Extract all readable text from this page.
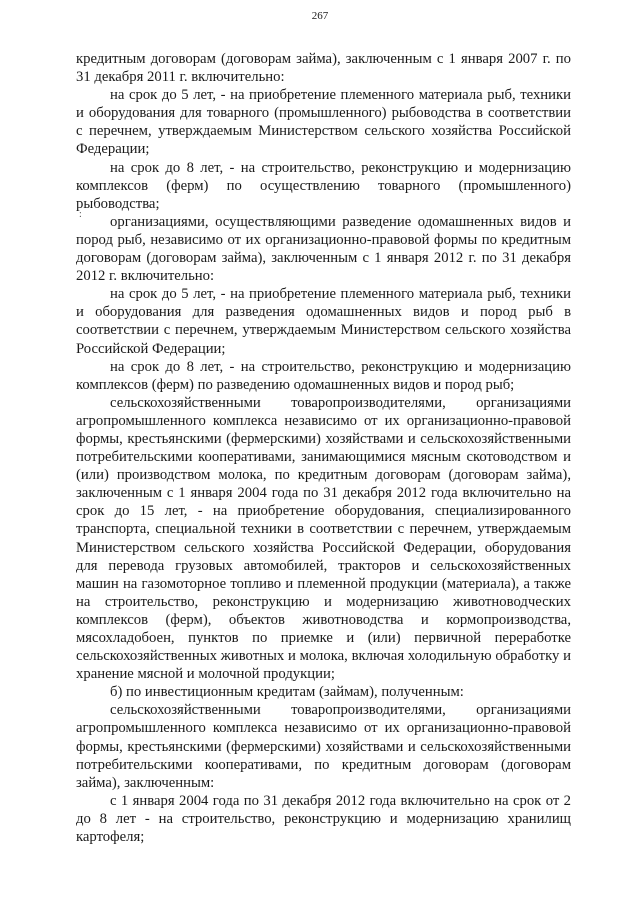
267
:

кредитным договорам (договорам займа), заключенным с 1 января 2007 г. по 31 декабря 2011 г. включительно:

на срок до 5 лет, - на приобретение племенного материала рыб, техники и оборудования для товарного (промышленного) рыбоводства в соответствии с перечнем, утверждаемым Министерством сельского хозяйства Российской Федерации;

на срок до 8 лет, - на строительство, реконструкцию и модернизацию комплексов (ферм) по осуществлению товарного (промышленного) рыбоводства;

организациями, осуществляющими разведение одомашненных видов и пород рыб, независимо от их организационно-правовой формы по кредитным договорам (договорам займа), заключенным с 1 января 2012 г. по 31 декабря 2012 г. включительно:

на срок до 5 лет, - на приобретение племенного материала рыб, техники и оборудования для разведения одомашненных видов и пород рыб в соответствии с перечнем, утверждаемым Министерством сельского хозяйства Российской Федерации;

на срок до 8 лет, - на строительство, реконструкцию и модернизацию комплексов (ферм) по разведению одомашненных видов и пород рыб;

сельскохозяйственными товаропроизводителями, организациями агропромышленного комплекса независимо от их организационно-правовой формы, крестьянскими (фермерскими) хозяйствами и сельскохозяйственными потребительскими кооперативами, занимающимися мясным скотоводством и (или) производством молока, по кредитным договорам (договорам займа), заключенным с 1 января 2004 года по 31 декабря 2012 года включительно на срок до 15 лет, - на приобретение оборудования, специализированного транспорта, специальной техники в соответствии с перечнем, утверждаемым Министерством сельского хозяйства Российской Федерации, оборудования для перевода грузовых автомобилей, тракторов и сельскохозяйственных машин на газомоторное топливо и племенной продукции (материала), а также на строительство, реконструкцию и модернизацию животноводческих комплексов (ферм), объектов животноводства и кормопроизводства, мясохладобоен, пунктов по приемке и (или) первичной переработке сельскохозяйственных животных и молока, включая холодильную обработку и хранение мясной и молочной продукции;

б) по инвестиционным кредитам (займам), полученным:

сельскохозяйственными товаропроизводителями, организациями агропромышленного комплекса независимо от их организационно-правовой формы, крестьянскими (фермерскими) хозяйствами и сельскохозяйственными потребительскими кооперативами, по кредитным договорам (договорам займа), заключенным:

с 1 января 2004 года по 31 декабря 2012 года включительно на срок от 2 до 8 лет - на строительство, реконструкцию и модернизацию хранилищ картофеля;
